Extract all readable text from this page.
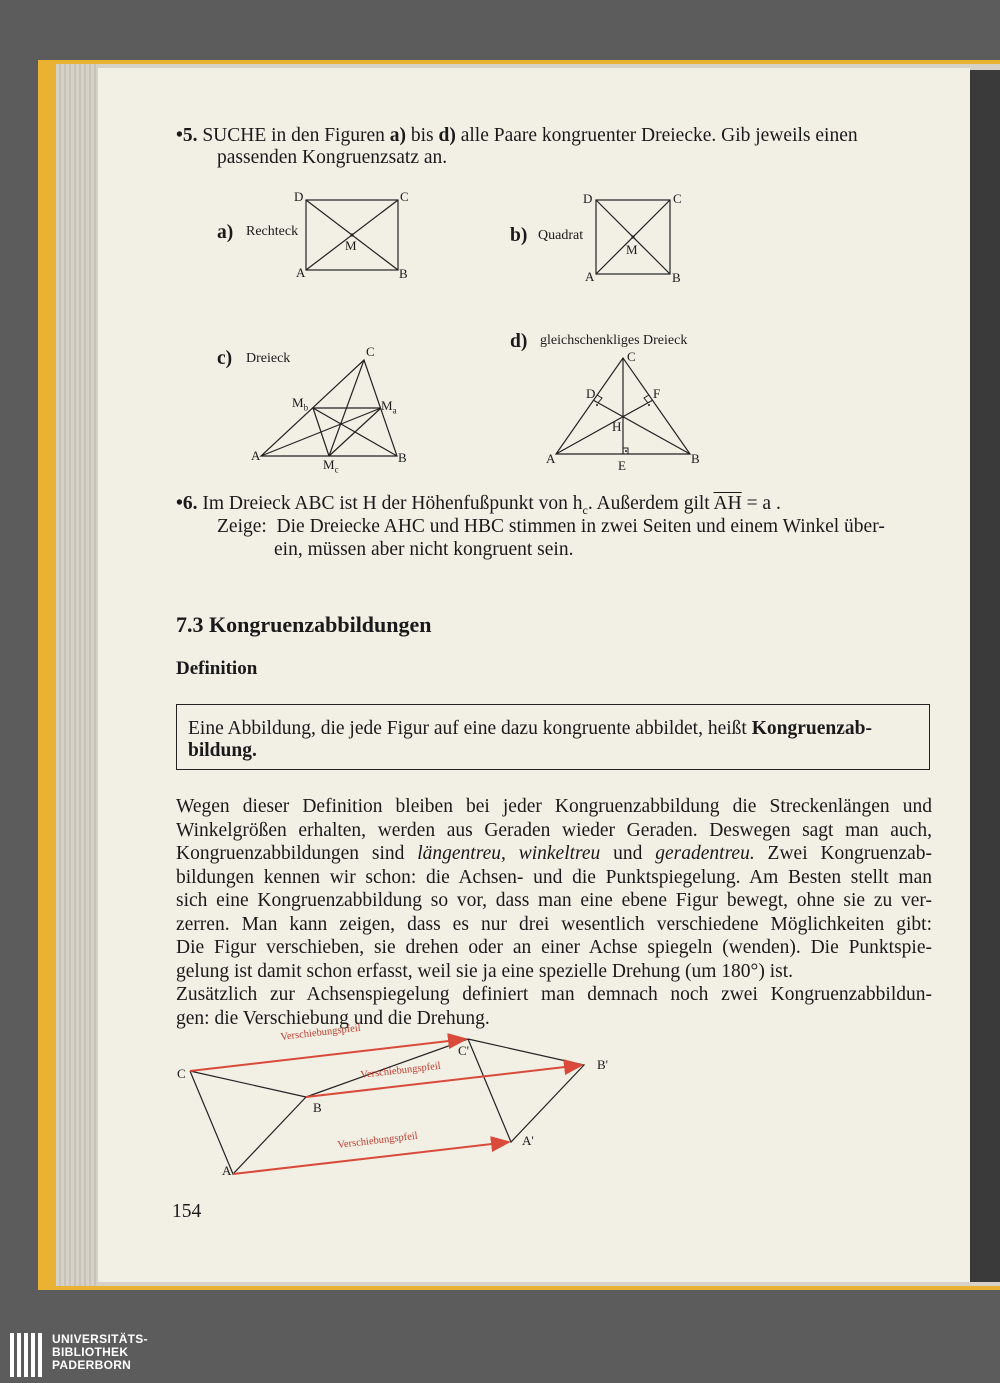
•5. SUCHE in den Figuren a) bis d) alle Paare kongruenter Dreiecke. Gib jeweils einen
passenden Kongruenzsatz an.
a) Rechteck
D	C
A	B
M	b) Quadrat
D	C
A	B
M
c) Dreieck	C
A	B
$M_b$	$M_a$
$M_c$
d) gleichschenkliges Dreieck
C
A	B
D	F
H
E
•6. Im Dreieck ABC ist H der Höhenfußpunkt von $h_c$. Außerdem gilt $\overline{AH} = a$ .
Zeige:  Die Dreiecke AHC und HBC stimmen in zwei Seiten und einem Winkel über-
ein, müssen aber nicht kongruent sein.
7.3 Kongruenzabbildungen
Definition
Eine Abbildung, die jede Figur auf eine dazu kongruente abbildet, heißt Kongruenzab-
bildung.
Wegen dieser Definition bleiben bei jeder Kongruenzabbildung die Streckenlängen und
Winkelgrößen erhalten, werden aus Geraden wieder Geraden. Deswegen sagt man auch,
Kongruenzabbildungen sind längentreu, winkeltreu und geradentreu. Zwei Kongruenzab-
bildungen kennen wir schon: die Achsen- und die Punktspiegelung. Am Besten stellt man
sich eine Kongruenzabbildung so vor, dass man eine ebene Figur bewegt, ohne sie zu ver-
zerren. Man kann zeigen, dass es nur drei wesentlich verschiedene Möglichkeiten gibt:
Die Figur verschieben, sie drehen oder an einer Achse spiegeln (wenden). Die Punktspie-
gelung ist damit schon erfasst, weil sie ja eine spezielle Drehung (um 180°) ist.
Zusätzlich zur Achsenspiegelung definiert man demnach noch zwei Kongruenzabbildun-
gen: die Verschiebung und die Drehung.
Verschiebungspfeil
Verschiebungspfeil
Verschiebungspfeil
C
B
A
C'
B'
A'
154
UNIVERSITÄTS-
BIBLIOTHEK
PADERBORN
